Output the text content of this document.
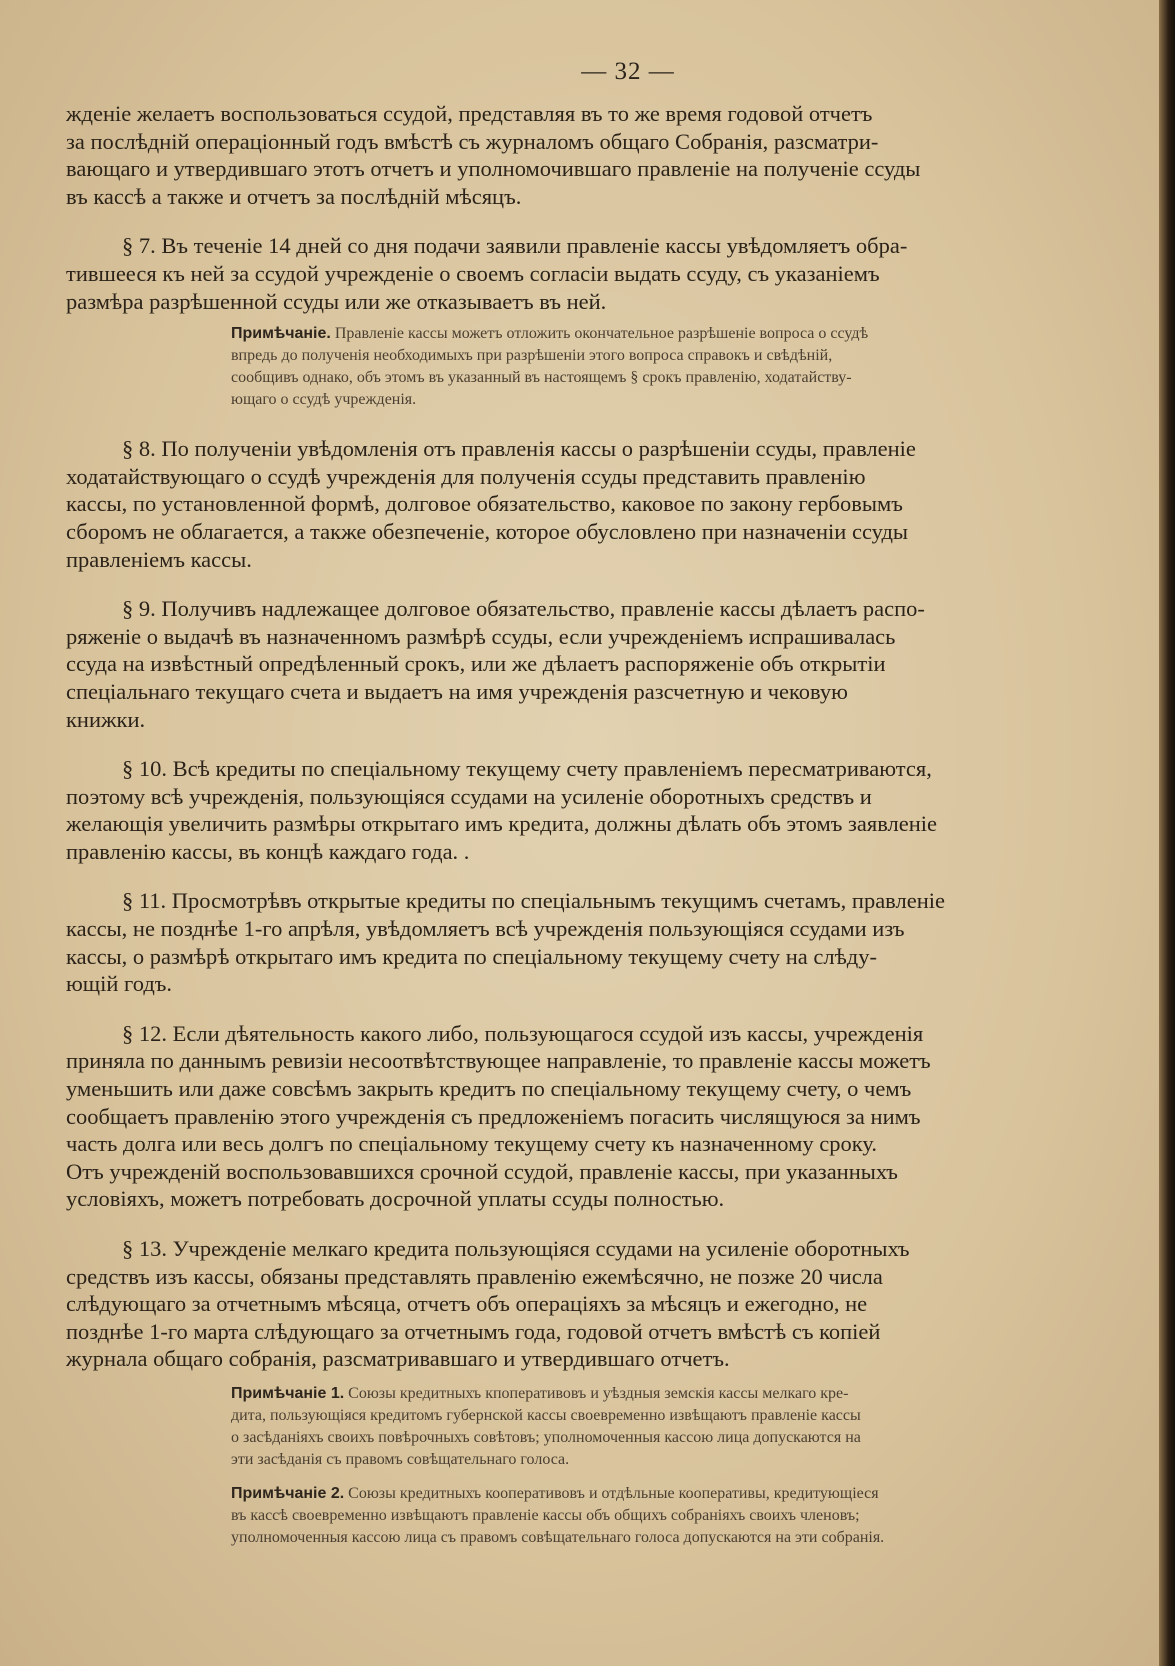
— 32 —
жденіе желаетъ воспользоваться ссудой, представляя въ то же время годовой отчетъ
за послѣдній операціонный годъ вмѣстѣ съ журналомъ общаго Собранія, разсматри-
вающаго и утвердившаго этотъ отчетъ и уполномочившаго правленіе на полученіе ссуды
въ кассѣ а также и отчетъ за послѣдній мѣсяцъ.
§ 7. Въ теченіе 14 дней со дня подачи заявили правленіе кассы увѣдомляетъ обра-
тившееся къ ней за ссудой учрежденіе о своемъ согласіи выдать ссуду, съ указаніемъ
размѣра разрѣшенной ссуды или же отказываетъ въ ней.
Примѣчаніе. Правленіе кассы можетъ отложить окончательное разрѣшеніе вопроса о ссудѣ
впредь до полученія необходимыхъ при разрѣшеніи этого вопроса справокъ и свѣдѣній,
сообщивъ однако, объ этомъ въ указанный въ настоящемъ § срокъ правленію, ходатайству-
ющаго о ссудѣ учрежденія.
§ 8. По полученіи увѣдомленія отъ правленія кассы о разрѣшеніи ссуды, правленіе
ходатайствующаго о ссудѣ учрежденія для полученія ссуды представить правленію
кассы, по установленной формѣ, долговое обязательство, каковое по закону гербовымъ
сборомъ не облагается, а также обезпеченіе, которое обусловлено при назначеніи ссуды
правленіемъ кассы.
§ 9. Получивъ надлежащее долговое обязательство, правленіе кассы дѣлаетъ распо-
ряженіе о выдачѣ въ назначенномъ размѣрѣ ссуды, если учрежденіемъ испрашивалась
ссуда на извѣстный опредѣленный срокъ, или же дѣлаетъ распоряженіе объ открытіи
спеціальнаго текущаго счета и выдаетъ на имя учрежденія разсчетную и чековую
книжки.
§ 10. Всѣ кредиты по спеціальному текущему счету правленіемъ пересматриваются,
поэтому всѣ учрежденія, пользующіяся ссудами на усиленіе оборотныхъ средствъ и
желающія увеличить размѣры открытаго имъ кредита, должны дѣлать объ этомъ заявленіе
правленію кассы, въ концѣ каждаго года. .
§ 11. Просмотрѣвъ открытые кредиты по спеціальнымъ текущимъ счетамъ, правленіе
кассы, не позднѣе 1-го апрѣля, увѣдомляетъ всѣ учрежденія пользующіяся ссудами изъ
кассы, о размѣрѣ открытаго имъ кредита по спеціальному текущему счету на слѣду-
ющій годъ.
§ 12. Если дѣятельность какого либо, пользующагося ссудой изъ кассы, учрежденія
приняла по даннымъ ревизіи несоотвѣтствующее направленіе, то правленіе кассы можетъ
уменьшить или даже совсѣмъ закрыть кредитъ по спеціальному текущему счету, о чемъ
сообщаетъ правленію этого учрежденія съ предложеніемъ погасить числящуюся за нимъ
часть долга или весь долгъ по спеціальному текущему счету къ назначенному сроку.
Отъ учрежденій воспользовавшихся срочной ссудой, правленіе кассы, при указанныхъ
условіяхъ, можетъ потребовать досрочной уплаты ссуды полностью.
§ 13. Учрежденіе мелкаго кредита пользующіяся ссудами на усиленіе оборотныхъ
средствъ изъ кассы, обязаны представлять правленію ежемѣсячно, не позже 20 числа
слѣдующаго за отчетнымъ мѣсяца, отчетъ объ операціяхъ за мѣсяцъ и ежегодно, не
позднѣе 1-го марта слѣдующаго за отчетнымъ года, годовой отчетъ вмѣстѣ съ копіей
журнала общаго собранія, разсматривавшаго и утвердившаго отчетъ.
Примѣчаніе 1. Союзы кредитныхъ кпоперативовъ и уѣздныя земскія кассы мелкаго кре-
дита, пользующіяся кредитомъ губернской кассы своевременно извѣщаютъ правленіе кассы
о засѣданіяхъ своихъ повѣрочныхъ совѣтовъ; уполномоченныя кассою лица допускаются на
эти засѣданія съ правомъ совѣщательнаго голоса.
Примѣчаніе 2. Союзы кредитныхъ кооперативовъ и отдѣльные кооперативы, кредитующіеся
въ кассѣ своевременно извѣщаютъ правленіе кассы объ общихъ собраніяхъ своихъ членовъ;
уполномоченныя кассою лица съ правомъ совѣщательнаго голоса допускаются на эти собранія.
